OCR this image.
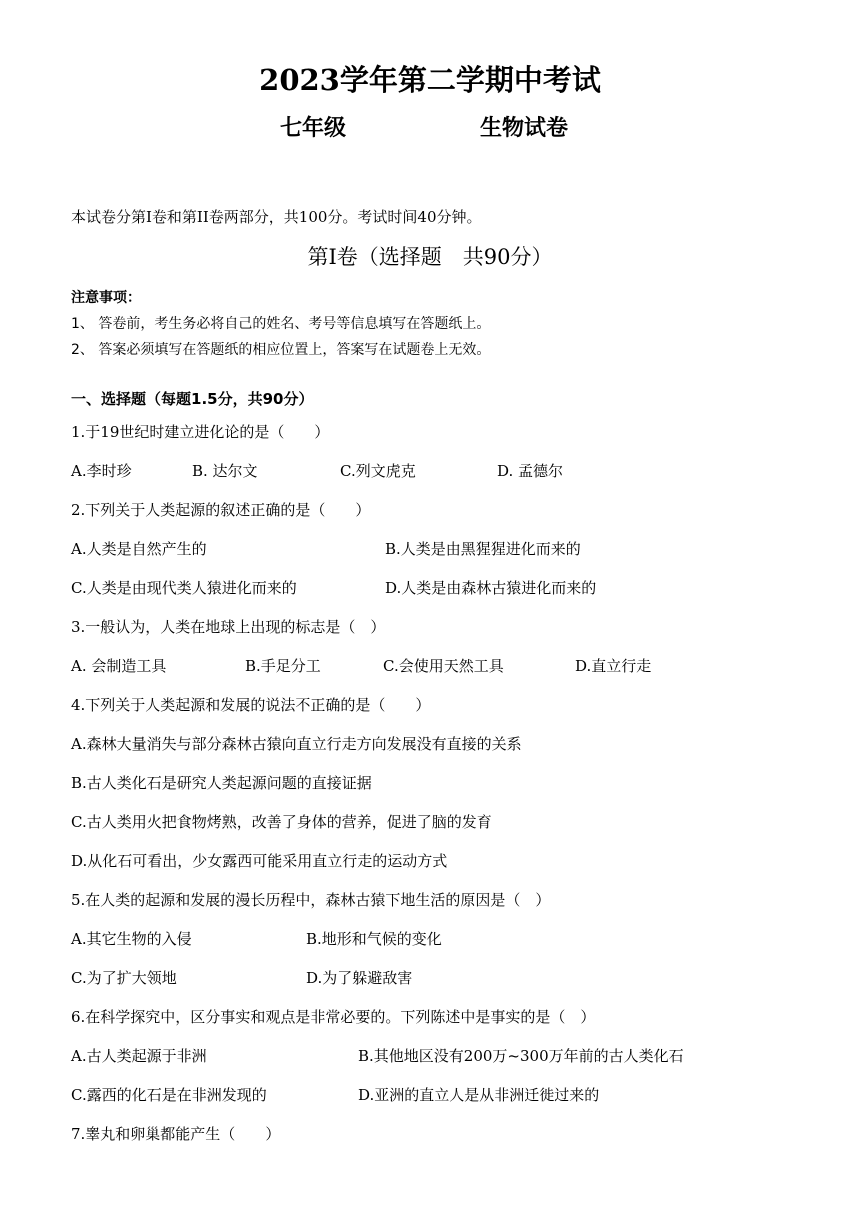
2023学年第二学期中考试
七年级	生物试卷
本试卷分第I卷和第II卷两部分，共100分。考试时间40分钟。
第I卷（选择题　共90分）
注意事项：
1、 答卷前，考生务必将自己的姓名、考号等信息填写在答题纸上。
2、 答案必须填写在答题纸的相应位置上，答案写在试题卷上无效。
一、选择题（每题1.5分，共90分）
1.于19世纪时建立进化论的是（　　）
A.李时珍	B. 达尔文	C.列文虎克	D. 孟德尔
2.下列关于人类起源的叙述正确的是（　　）
A.人类是自然产生的	B.人类是由黑猩猩进化而来的
C.人类是由现代类人猿进化而来的	D.人类是由森林古猿进化而来的
3.一般认为，人类在地球上出现的标志是（　）
A. 会制造工具	B.手足分工	C.会使用天然工具	D.直立行走
4.下列关于人类起源和发展的说法不正确的是（　　）
A.森林大量消失与部分森林古猿向直立行走方向发展没有直接的关系
B.古人类化石是研究人类起源问题的直接证据
C.古人类用火把食物烤熟，改善了身体的营养，促进了脑的发育
D.从化石可看出，少女露西可能采用直立行走的运动方式
5.在人类的起源和发展的漫长历程中，森林古猿下地生活的原因是（　）
A.其它生物的入侵	B.地形和气候的变化
C.为了扩大领地	D.为了躲避敌害
6.在科学探究中，区分事实和观点是非常必要的。下列陈述中是事实的是（　）
A.古人类起源于非洲	B.其他地区没有200万~300万年前的古人类化石
C.露西的化石是在非洲发现的	D.亚洲的直立人是从非洲迁徙过来的
7.睾丸和卵巢都能产生（　　）
